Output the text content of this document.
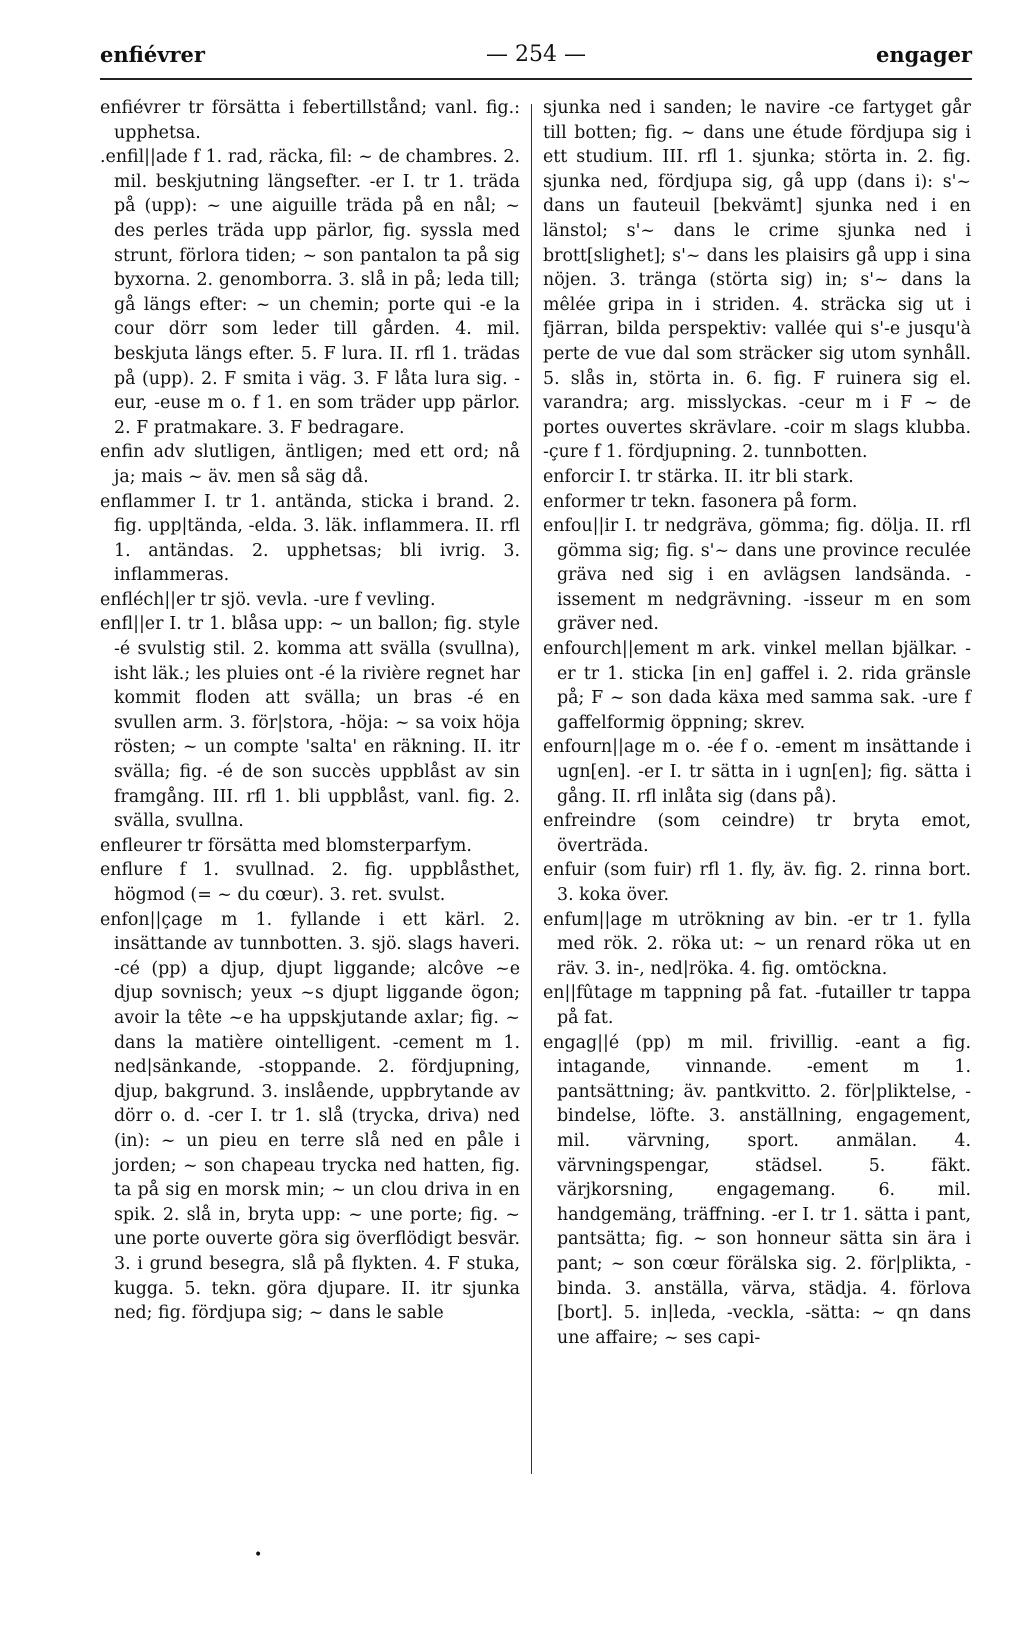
— 254 —
enfiévrer	engager

enfiévrer tr försätta i febertillstånd; vanl. fig.: upphetsa.

.enfil||ade f 1. rad, räcka, fil: ~ de chambres. 2. mil. beskjutning längsefter. -er I. tr 1. träda på (upp): ~ une aiguille träda på en nål; ~ des perles träda upp pärlor, fig. syssla med strunt, förlora tiden; ~ son pantalon ta på sig byxorna. 2. genomborra. 3. slå in på; leda till; gå längs efter: ~ un chemin; porte qui -e la cour dörr som leder till gården. 4. mil. beskjuta längs efter. 5. F lura. II. rfl 1. trädas på (upp). 2. F smita i väg. 3. F låta lura sig. -eur, -euse m o. f 1. en som träder upp pärlor. 2. F pratmakare. 3. F bedragare.

enfin adv slutligen, äntligen; med ett ord; nå ja; mais ~ äv. men så säg då.

enflammer I. tr 1. antända, sticka i brand. 2. fig. upp|tända, -elda. 3. läk. inflammera. II. rfl 1. antändas. 2. upphetsas; bli ivrig. 3. inflammeras.

enfléch||er tr sjö. vevla. -ure f vevling.

enfl||er I. tr 1. blåsa upp: ~ un ballon; fig. style -é svulstig stil. 2. komma att svälla (svullna), isht läk.; les pluies ont -é la rivière regnet har kommit floden att svälla; un bras -é en svullen arm. 3. för|stora, -höja: ~ sa voix höja rösten; ~ un compte 'salta' en räkning. II. itr svälla; fig. -é de son succès uppblåst av sin framgång. III. rfl 1. bli uppblåst, vanl. fig. 2. svälla, svullna.

enfleurer tr försätta med blomsterparfym.

enflure f 1. svullnad. 2. fig. uppblåsthet, högmod (= ~ du cœur). 3. ret. svulst.

enfon||çage m 1. fyllande i ett kärl. 2. insättande av tunnbotten. 3. sjö. slags haveri. -cé (pp) a djup, djupt liggande; alcôve ~e djup sovnisch; yeux ~s djupt liggande ögon; avoir la tête ~e ha uppskjutande axlar; fig. ~ dans la matière ointelligent. -cement m 1. ned|sänkande, -stoppande. 2. fördjupning, djup, bakgrund. 3. inslående, uppbrytande av dörr o. d. -cer I. tr 1. slå (trycka, driva) ned (in): ~ un pieu en terre slå ned en påle i jorden; ~ son chapeau trycka ned hatten, fig. ta på sig en morsk min; ~ un clou driva in en spik. 2. slå in, bryta upp: ~ une porte; fig. ~ une porte ouverte göra sig överflödigt besvär. 3. i grund besegra, slå på flykten. 4. F stuka, kugga. 5. tekn. göra djupare. II. itr sjunka ned; fig. fördjupa sig; ~ dans le sable

sjunka ned i sanden; le navire -ce fartyget går till botten; fig. ~ dans une étude fördjupa sig i ett studium. III. rfl 1. sjunka; störta in. 2. fig. sjunka ned, fördjupa sig, gå upp (dans i): s'~ dans un fauteuil [bekvämt] sjunka ned i en länstol; s'~ dans le crime sjunka ned i brott[slighet]; s'~ dans les plaisirs gå upp i sina nöjen. 3. tränga (störta sig) in; s'~ dans la mêlée gripa in i striden. 4. sträcka sig ut i fjärran, bilda perspektiv: vallée qui s'-e jusqu'à perte de vue dal som sträcker sig utom synhåll. 5. slås in, störta in. 6. fig. F ruinera sig el. varandra; arg. misslyckas. -ceur m i F ~ de portes ouvertes skrävlare. -coir m slags klubba. -çure f 1. fördjupning. 2. tunnbotten.

enforcir I. tr stärka. II. itr bli stark.

enformer tr tekn. fasonera på form.

enfou||ir I. tr nedgräva, gömma; fig. dölja. II. rfl gömma sig; fig. s'~ dans une province reculée gräva ned sig i en avlägsen landsända. -issement m nedgrävning. -isseur m en som gräver ned.

enfourch||ement m ark. vinkel mellan bjälkar. -er tr 1. sticka [in en] gaffel i. 2. rida gränsle på; F ~ son dada käxa med samma sak. -ure f gaffelformig öppning; skrev.

enfourn||age m o. -ée f o. -ement m insättande i ugn[en]. -er I. tr sätta in i ugn[en]; fig. sätta i gång. II. rfl inlåta sig (dans på).

enfreindre (som ceindre) tr bryta emot, överträda.

enfuir (som fuir) rfl 1. fly, äv. fig. 2. rinna bort. 3. koka över.

enfum||age m utrökning av bin. -er tr 1. fylla med rök. 2. röka ut: ~ un renard röka ut en räv. 3. in-, ned|röka. 4. fig. omtöckna.

en||fûtage m tappning på fat. -futailler tr tappa på fat.

engag||é (pp) m mil. frivillig. -eant a fig. intagande, vinnande. -ement m 1. pantsättning; äv. pantkvitto. 2. för|pliktelse, -bindelse, löfte. 3. anställning, engagement, mil. värvning, sport. anmälan. 4. värvningspengar, städsel. 5. fäkt. värjkorsning, engagemang. 6. mil. handgemäng, träffning. -er I. tr 1. sätta i pant, pantsätta; fig. ~ son honneur sätta sin ära i pant; ~ son cœur förälska sig. 2. för|plikta, -binda. 3. anställa, värva, städja. 4. förlova [bort]. 5. in|leda, -veckla, -sätta: ~ qn dans une affaire; ~ ses capi-

•
